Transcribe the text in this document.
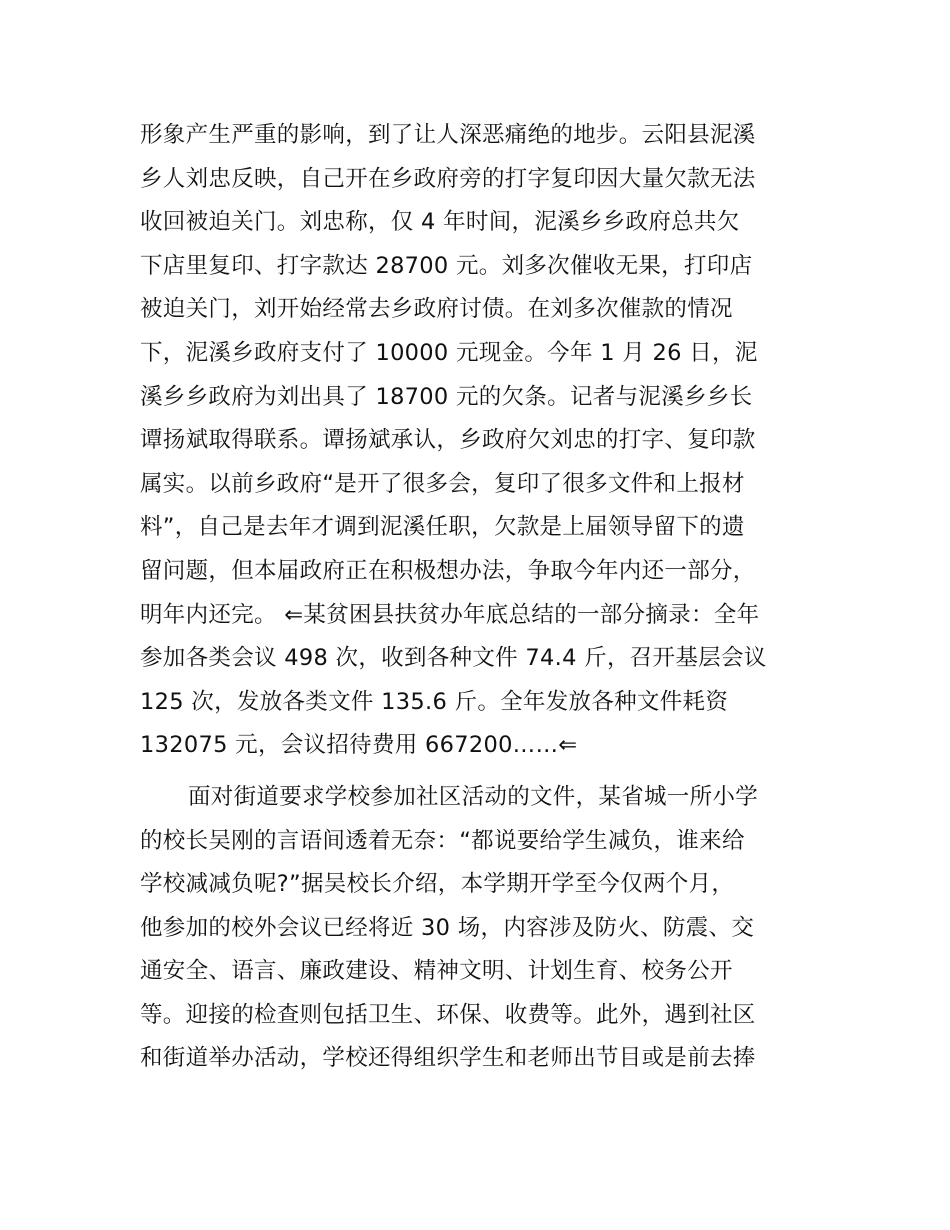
形象产生严重的影响，到了让人深恶痛绝的地步。云阳县泥溪
乡人刘忠反映，自己开在乡政府旁的打字复印因大量欠款无法
收回被迫关门。刘忠称，仅 4 年时间，泥溪乡乡政府总共欠
下店里复印、打字款达 28700 元。刘多次催收无果，打印店
被迫关门，刘开始经常去乡政府讨债。在刘多次催款的情况
下，泥溪乡政府支付了 10000 元现金。今年 1 月 26 日，泥
溪乡乡政府为刘出具了 18700 元的欠条。记者与泥溪乡乡长
谭扬斌取得联系。谭扬斌承认，乡政府欠刘忠的打字、复印款
属实。以前乡政府“是开了很多会，复印了很多文件和上报材
料”，自己是去年才调到泥溪任职，欠款是上届领导留下的遗
留问题，但本届政府正在积极想办法，争取今年内还一部分，
明年内还完。 ⇐某贫困县扶贫办年底总结的一部分摘录：全年
参加各类会议 498 次，收到各种文件 74.4 斤，召开基层会议
125 次，发放各类文件 135.6 斤。全年发放各种文件耗资
132075 元，会议招待费用 667200……⇐

面对街道要求学校参加社区活动的文件，某省城一所小学
的校长吴刚的言语间透着无奈：“都说要给学生减负，谁来给
学校减减负呢?”据吴校长介绍，本学期开学至今仅两个月，
他参加的校外会议已经将近 30 场，内容涉及防火、防震、交
通安全、语言、廉政建设、精神文明、计划生育、校务公开
等。迎接的检查则包括卫生、环保、收费等。此外，遇到社区
和街道举办活动，学校还得组织学生和老师出节目或是前去捧
